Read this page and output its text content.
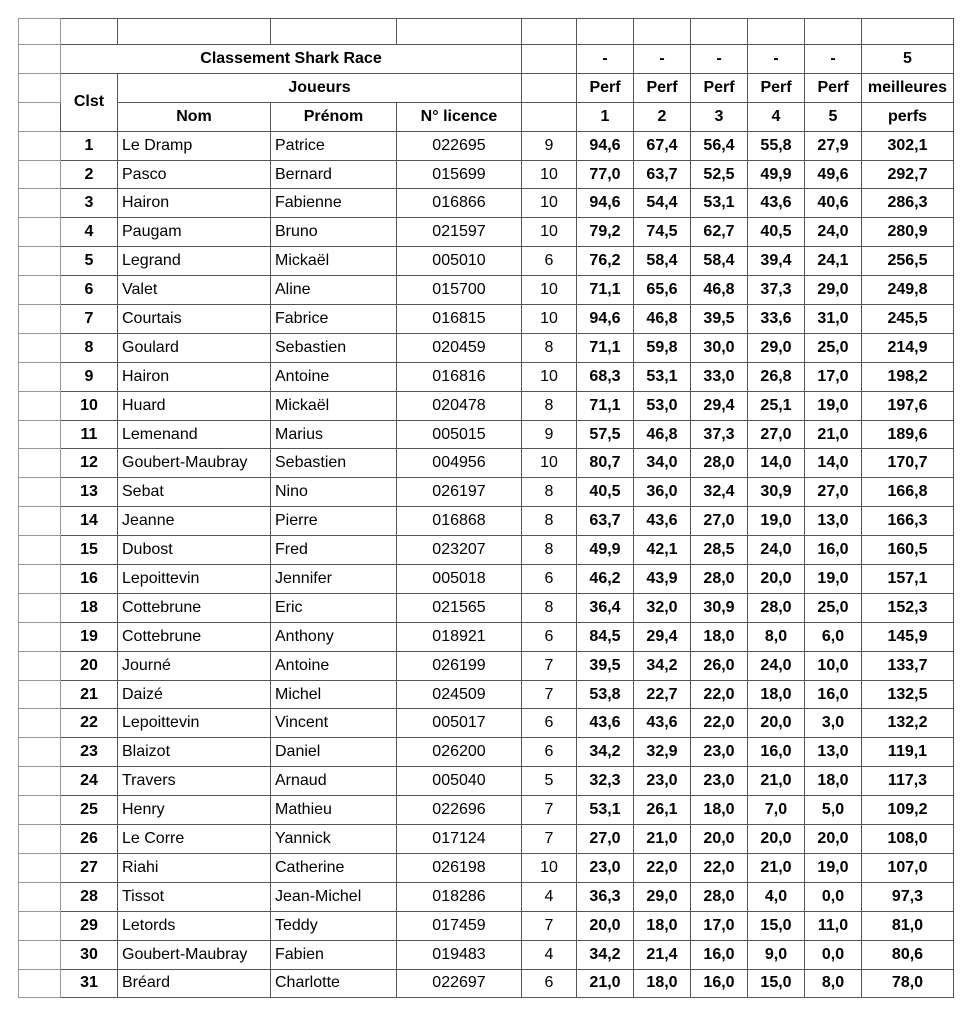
	Classement Shark Race					-	-	-	-	-	5
	Clst	Joueurs				Perf	Perf	Perf	Perf	Perf	meilleures
		Nom	Prénom	N° licence		1	2	3	4	5	perfs
	1	Le Dramp	Patrice	022695	9	94,6	67,4	56,4	55,8	27,9	302,1
	2	Pasco	Bernard	015699	10	77,0	63,7	52,5	49,9	49,6	292,7
	3	Hairon	Fabienne	016866	10	94,6	54,4	53,1	43,6	40,6	286,3
	4	Paugam	Bruno	021597	10	79,2	74,5	62,7	40,5	24,0	280,9
	5	Legrand	Mickaël	005010	6	76,2	58,4	58,4	39,4	24,1	256,5
	6	Valet	Aline	015700	10	71,1	65,6	46,8	37,3	29,0	249,8
	7	Courtais	Fabrice	016815	10	94,6	46,8	39,5	33,6	31,0	245,5
	8	Goulard	Sebastien	020459	8	71,1	59,8	30,0	29,0	25,0	214,9
	9	Hairon	Antoine	016816	10	68,3	53,1	33,0	26,8	17,0	198,2
	10	Huard	Mickaël	020478	8	71,1	53,0	29,4	25,1	19,0	197,6
	11	Lemenand	Marius	005015	9	57,5	46,8	37,3	27,0	21,0	189,6
	12	Goubert-Maubray	Sebastien	004956	10	80,7	34,0	28,0	14,0	14,0	170,7
	13	Sebat	Nino	026197	8	40,5	36,0	32,4	30,9	27,0	166,8
	14	Jeanne	Pierre	016868	8	63,7	43,6	27,0	19,0	13,0	166,3
	15	Dubost	Fred	023207	8	49,9	42,1	28,5	24,0	16,0	160,5
	16	Lepoittevin	Jennifer	005018	6	46,2	43,9	28,0	20,0	19,0	157,1
	18	Cottebrune	Eric	021565	8	36,4	32,0	30,9	28,0	25,0	152,3
	19	Cottebrune	Anthony	018921	6	84,5	29,4	18,0	8,0	6,0	145,9
	20	Journé	Antoine	026199	7	39,5	34,2	26,0	24,0	10,0	133,7
	21	Daizé	Michel	024509	7	53,8	22,7	22,0	18,0	16,0	132,5
	22	Lepoittevin	Vincent	005017	6	43,6	43,6	22,0	20,0	3,0	132,2
	23	Blaizot	Daniel	026200	6	34,2	32,9	23,0	16,0	13,0	119,1
	24	Travers	Arnaud	005040	5	32,3	23,0	23,0	21,0	18,0	117,3
	25	Henry	Mathieu	022696	7	53,1	26,1	18,0	7,0	5,0	109,2
	26	Le Corre	Yannick	017124	7	27,0	21,0	20,0	20,0	20,0	108,0
	27	Riahi	Catherine	026198	10	23,0	22,0	22,0	21,0	19,0	107,0
	28	Tissot	Jean-Michel	018286	4	36,3	29,0	28,0	4,0	0,0	97,3
	29	Letords	Teddy	017459	7	20,0	18,0	17,0	15,0	11,0	81,0
	30	Goubert-Maubray	Fabien	019483	4	34,2	21,4	16,0	9,0	0,0	80,6
	31	Bréard	Charlotte	022697	6	21,0	18,0	16,0	15,0	8,0	78,0
